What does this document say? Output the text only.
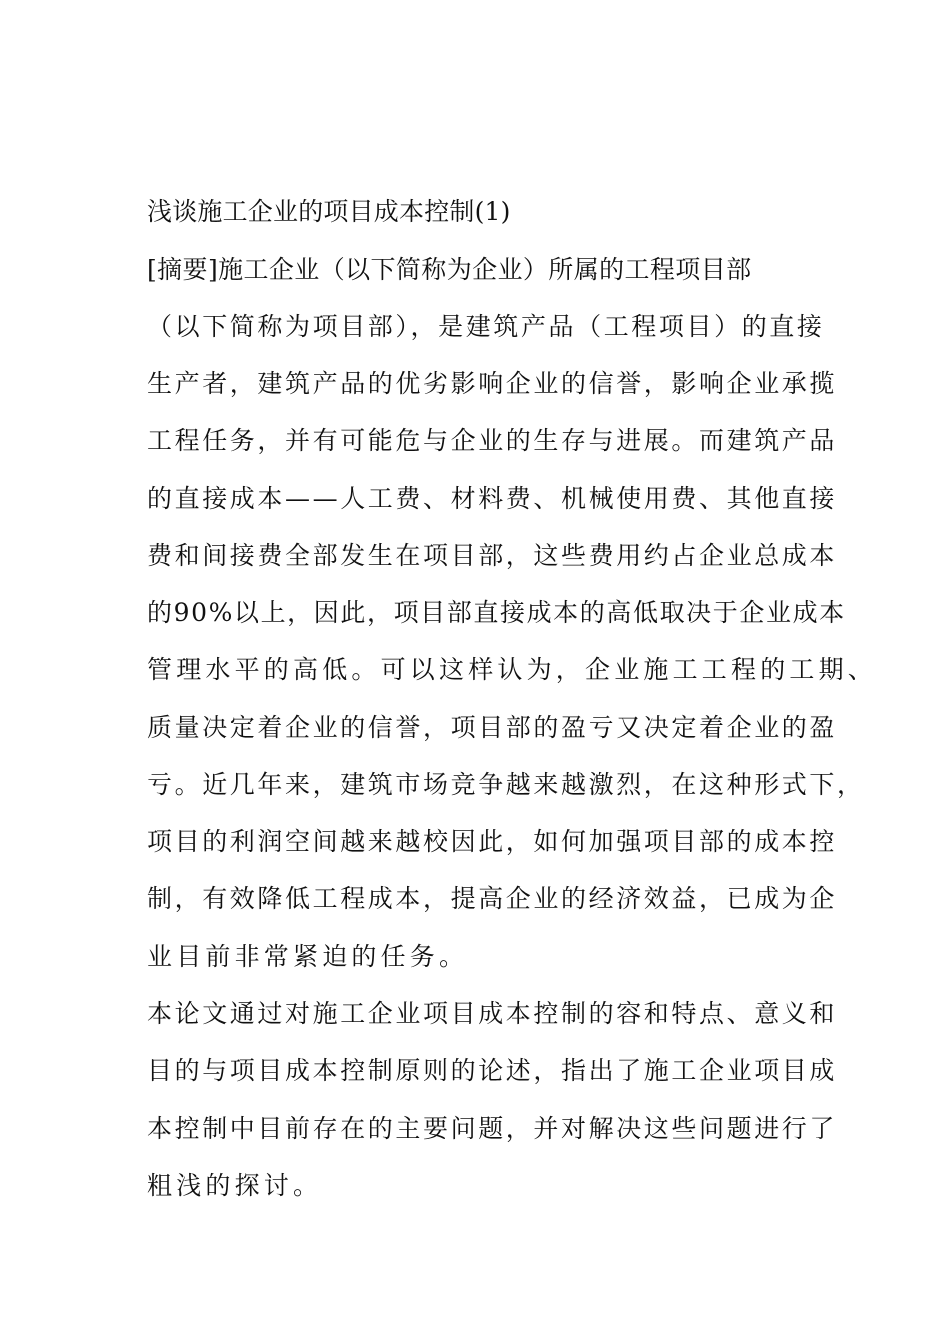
浅谈施工企业的项目成本控制(1)

[摘要]施工企业（以下简称为企业）所属的工程项目部

（以下简称为项目部），是建筑产品（工程项目）的直接

生产者，建筑产品的优劣影响企业的信誉，影响企业承揽

工程任务，并有可能危与企业的生存与进展。而建筑产品

的直接成本——人工费、材料费、机械使用费、其他直接

费和间接费全部发生在项目部，这些费用约占企业总成本

的90%以上，因此，项目部直接成本的高低取决于企业成本

管理水平的高低。可以这样认为，企业施工工程的工期、

质量决定着企业的信誉，项目部的盈亏又决定着企业的盈

亏。近几年来，建筑市场竞争越来越激烈，在这种形式下，

项目的利润空间越来越校因此，如何加强项目部的成本控

制，有效降低工程成本，提高企业的经济效益，已成为企

业目前非常紧迫的任务。

本论文通过对施工企业项目成本控制的容和特点、意义和

目的与项目成本控制原则的论述，指出了施工企业项目成

本控制中目前存在的主要问题，并对解决这些问题进行了

粗浅的探讨。
